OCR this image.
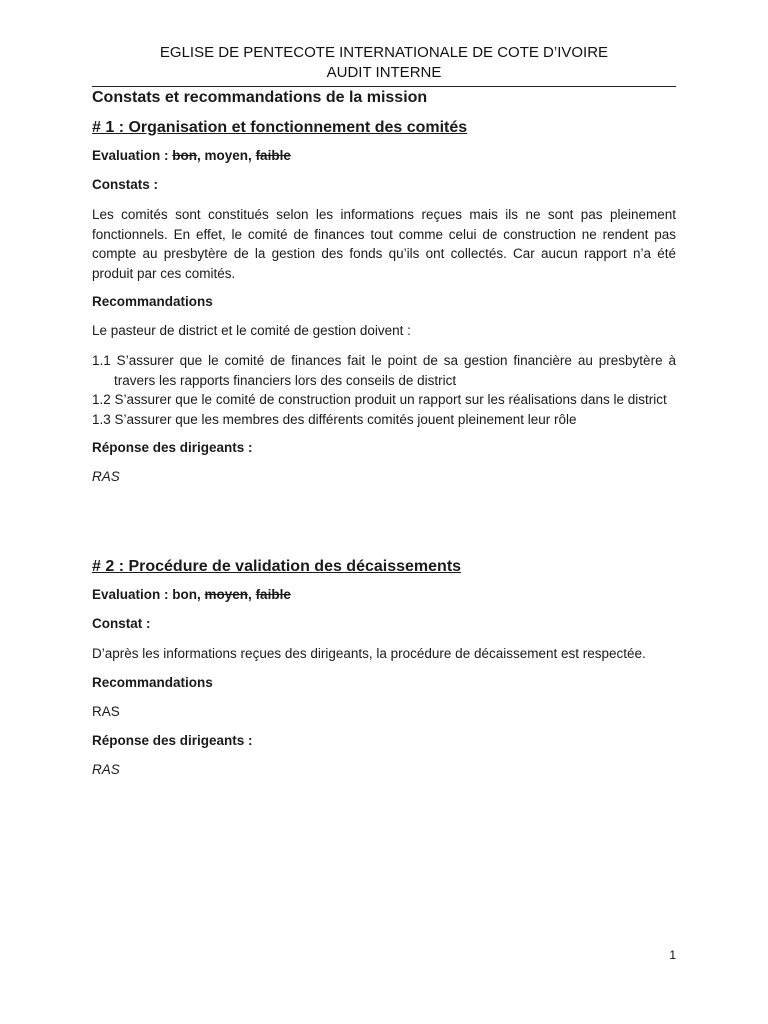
EGLISE DE PENTECOTE INTERNATIONALE DE COTE D’IVOIRE
AUDIT INTERNE
Constats et recommandations de la mission
# 1 : Organisation et fonctionnement des comités
Evaluation : bon, moyen, faible
Constats :
Les comités sont constitués selon les informations reçues mais ils ne sont pas pleinement fonctionnels. En effet, le comité de finances tout comme celui de construction ne rendent pas compte au presbytère de la gestion des fonds qu’ils ont collectés. Car aucun rapport n’a été produit par ces comités.
Recommandations
Le pasteur de district et le comité de gestion doivent :
1.1 S’assurer que le comité de finances fait le point de sa gestion financière au presbytère à travers les rapports financiers lors des conseils de district
1.2 S’assurer que le comité de construction produit un rapport sur les réalisations dans le district
1.3 S’assurer que les membres des différents comités jouent pleinement leur rôle
Réponse des dirigeants :
RAS
# 2 : Procédure de validation des décaissements
Evaluation : bon, moyen, faible
Constat :
D’après les informations reçues des dirigeants, la procédure de décaissement est respectée.
Recommandations
RAS
Réponse des dirigeants :
RAS
1
